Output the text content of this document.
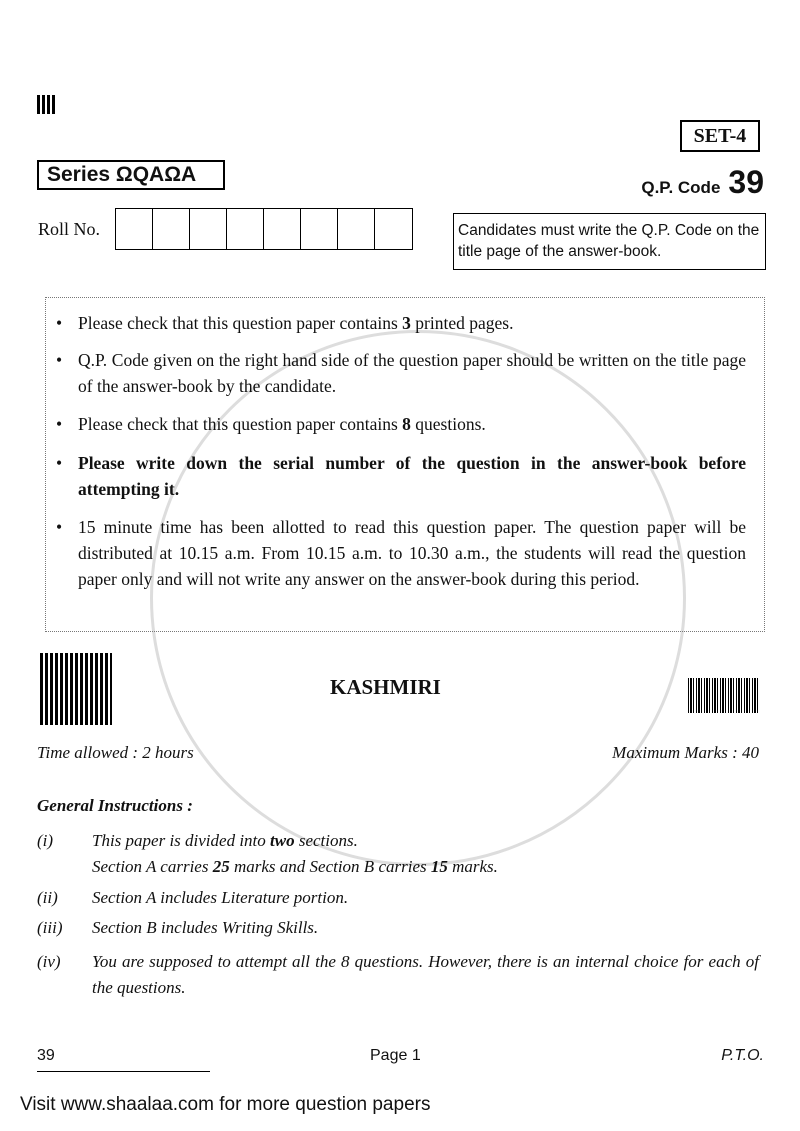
SET-4
Series ΩQAΩA
Q.P. Code 39
Roll No.	Candidates must write the Q.P. Code on the title page of the answer-book.
• Please check that this question paper contains 3 printed pages.
• Q.P. Code given on the right hand side of the question paper should be written on the title page of the answer-book by the candidate.
• Please check that this question paper contains 8 questions.
• Please write down the serial number of the question in the answer-book before attempting it.
• 15 minute time has been allotted to read this question paper. The question paper will be distributed at 10.15 a.m. From 10.15 a.m. to 10.30 a.m., the students will read the question paper only and will not write any answer on the answer-book during this period.
KASHMIRI
Time allowed : 2 hours	Maximum Marks : 40
General Instructions :
(i) This paper is divided into two sections.
Section A carries 25 marks and Section B carries 15 marks.
(ii) Section A includes Literature portion.
(iii) Section B includes Writing Skills.
(iv) You are supposed to attempt all the 8 questions. However, there is an internal choice for each of the questions.
39	Page 1	P.T.O.
Visit www.shaalaa.com for more question papers
